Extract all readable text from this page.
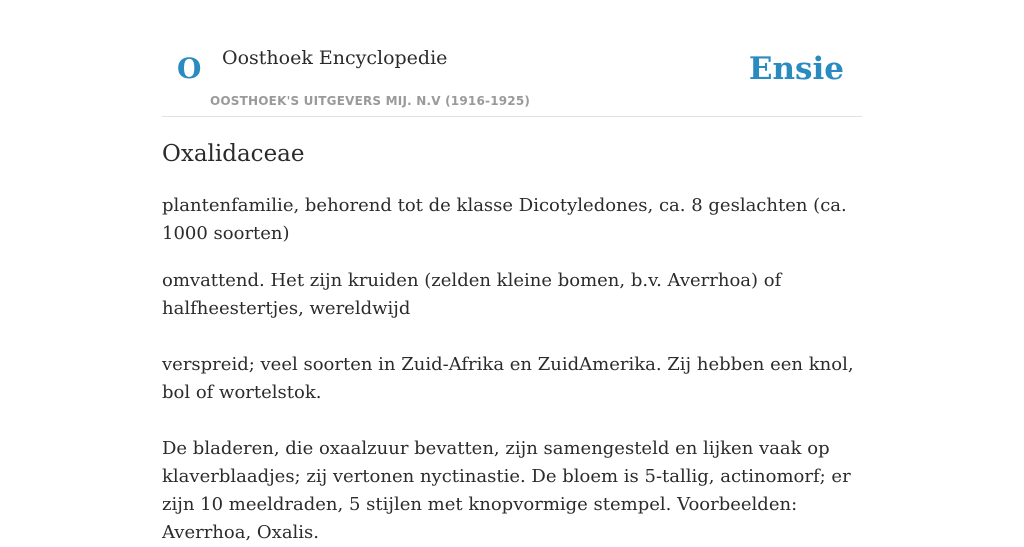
O Oosthoek Encyclopedie
OOSTHOEK'S UITGEVERS MIJ. N.V (1916-1925)
Ensie
Oxalidaceae

plantenfamilie, behorend tot de klasse Dicotyledones, ca. 8 geslachten (ca. 1000 soorten)

omvattend. Het zijn kruiden (zelden kleine bomen, b.v. Averrhoa) of halfheestertjes, wereldwijd

verspreid; veel soorten in Zuid-Afrika en ZuidAmerika. Zij hebben een knol, bol of wortelstok.

De bladeren, die oxaalzuur bevatten, zijn samengesteld en lijken vaak op klaverblaadjes; zij vertonen nyctinastie. De bloem is 5-tallig, actinomorf; er zijn 10 meeldraden, 5 stijlen met knopvormige stempel. Voorbeelden: Averrhoa, Oxalis.
